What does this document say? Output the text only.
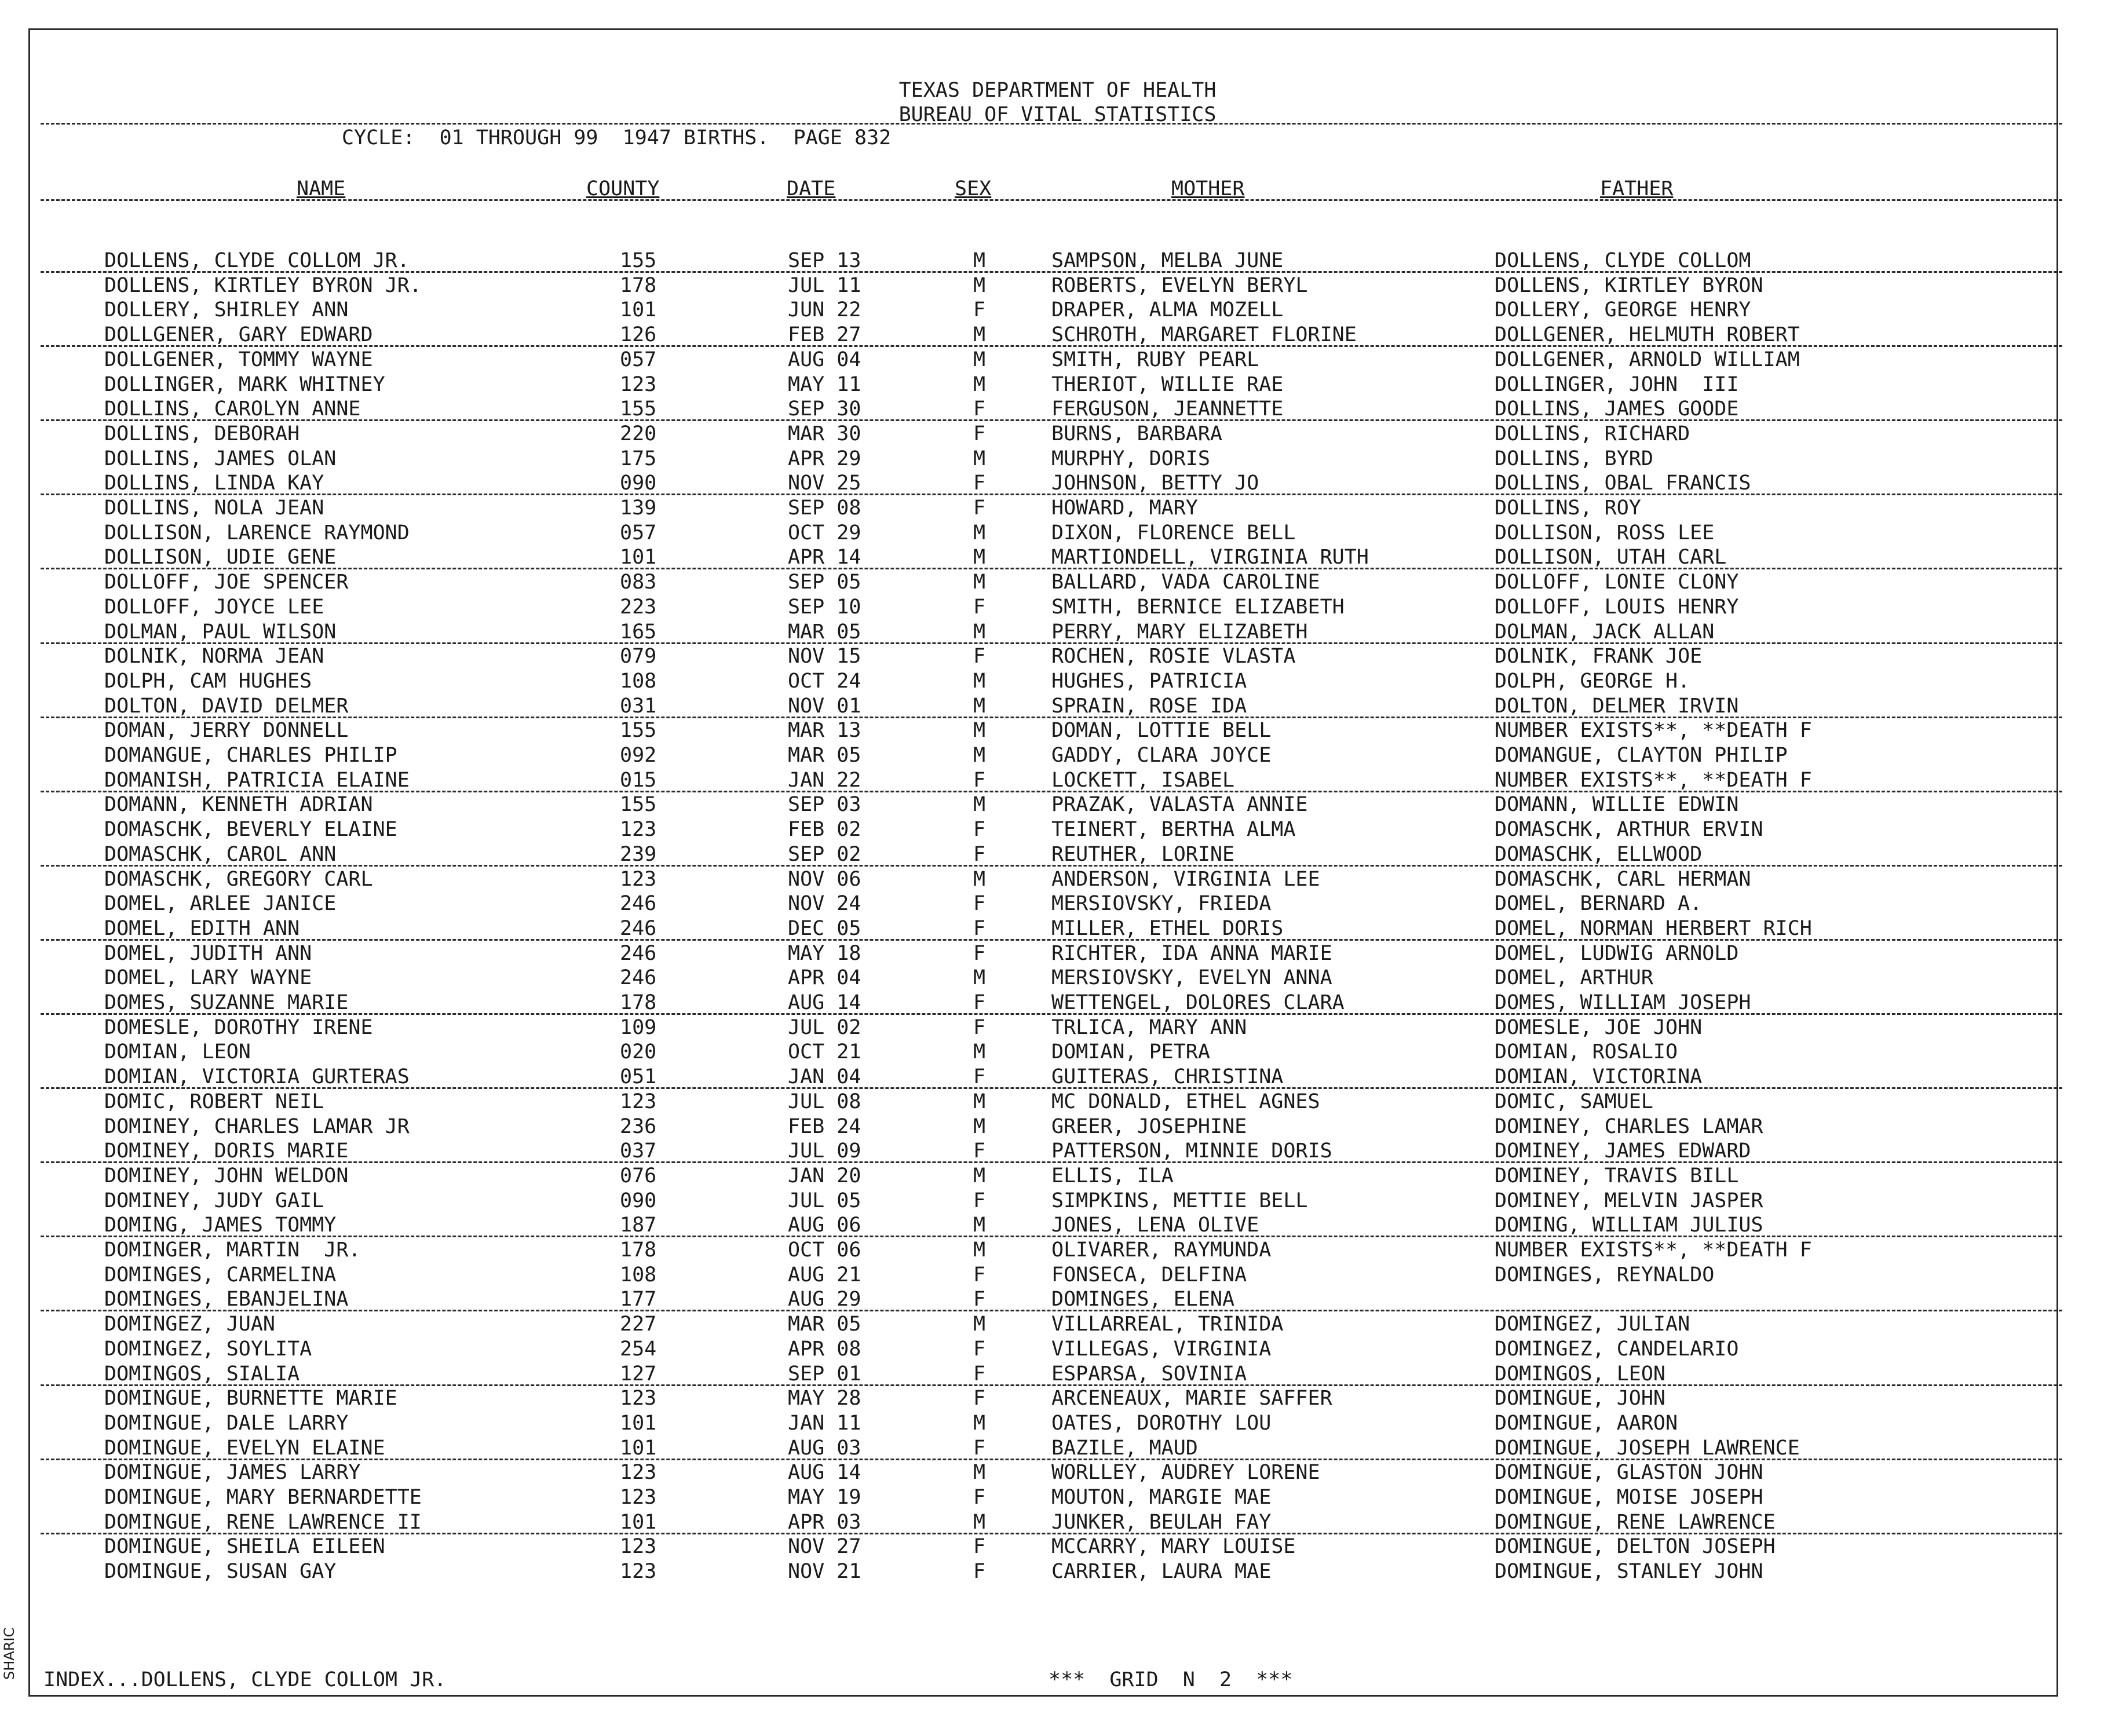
TEXAS DEPARTMENT OF HEALTH
BUREAU OF VITAL STATISTICS
CYCLE:  01 THROUGH 99  1947 BIRTHS.  PAGE 832
NAME	COUNTY	DATE	SEX	MOTHER	FATHER
DOLLENS, CLYDE COLLOM JR.	155	SEP 13	M	SAMPSON, MELBA JUNE	DOLLENS, CLYDE COLLOM
DOLLENS, KIRTLEY BYRON JR.	178	JUL 11	M	ROBERTS, EVELYN BERYL	DOLLENS, KIRTLEY BYRON
DOLLERY, SHIRLEY ANN	101	JUN 22	F	DRAPER, ALMA MOZELL	DOLLERY, GEORGE HENRY
DOLLGENER, GARY EDWARD	126	FEB 27	M	SCHROTH, MARGARET FLORINE	DOLLGENER, HELMUTH ROBERT
DOLLGENER, TOMMY WAYNE	057	AUG 04	M	SMITH, RUBY PEARL	DOLLGENER, ARNOLD WILLIAM
DOLLINGER, MARK WHITNEY	123	MAY 11	M	THERIOT, WILLIE RAE	DOLLINGER, JOHN  III
DOLLINS, CAROLYN ANNE	155	SEP 30	F	FERGUSON, JEANNETTE	DOLLINS, JAMES GOODE
DOLLINS, DEBORAH	220	MAR 30	F	BURNS, BARBARA	DOLLINS, RICHARD
DOLLINS, JAMES OLAN	175	APR 29	M	MURPHY, DORIS	DOLLINS, BYRD
DOLLINS, LINDA KAY	090	NOV 25	F	JOHNSON, BETTY JO	DOLLINS, OBAL FRANCIS
DOLLINS, NOLA JEAN	139	SEP 08	F	HOWARD, MARY	DOLLINS, ROY
DOLLISON, LARENCE RAYMOND	057	OCT 29	M	DIXON, FLORENCE BELL	DOLLISON, ROSS LEE
DOLLISON, UDIE GENE	101	APR 14	M	MARTIONDELL, VIRGINIA RUTH	DOLLISON, UTAH CARL
DOLLOFF, JOE SPENCER	083	SEP 05	M	BALLARD, VADA CAROLINE	DOLLOFF, LONIE CLONY
DOLLOFF, JOYCE LEE	223	SEP 10	F	SMITH, BERNICE ELIZABETH	DOLLOFF, LOUIS HENRY
DOLMAN, PAUL WILSON	165	MAR 05	M	PERRY, MARY ELIZABETH	DOLMAN, JACK ALLAN
DOLNIK, NORMA JEAN	079	NOV 15	F	ROCHEN, ROSIE VLASTA	DOLNIK, FRANK JOE
DOLPH, CAM HUGHES	108	OCT 24	M	HUGHES, PATRICIA	DOLPH, GEORGE H.
DOLTON, DAVID DELMER	031	NOV 01	M	SPRAIN, ROSE IDA	DOLTON, DELMER IRVIN
DOMAN, JERRY DONNELL	155	MAR 13	M	DOMAN, LOTTIE BELL	NUMBER EXISTS**, **DEATH F
DOMANGUE, CHARLES PHILIP	092	MAR 05	M	GADDY, CLARA JOYCE	DOMANGUE, CLAYTON PHILIP
DOMANISH, PATRICIA ELAINE	015	JAN 22	F	LOCKETT, ISABEL	NUMBER EXISTS**, **DEATH F
DOMANN, KENNETH ADRIAN	155	SEP 03	M	PRAZAK, VALASTA ANNIE	DOMANN, WILLIE EDWIN
DOMASCHK, BEVERLY ELAINE	123	FEB 02	F	TEINERT, BERTHA ALMA	DOMASCHK, ARTHUR ERVIN
DOMASCHK, CAROL ANN	239	SEP 02	F	REUTHER, LORINE	DOMASCHK, ELLWOOD
DOMASCHK, GREGORY CARL	123	NOV 06	M	ANDERSON, VIRGINIA LEE	DOMASCHK, CARL HERMAN
DOMEL, ARLEE JANICE	246	NOV 24	F	MERSIOVSKY, FRIEDA	DOMEL, BERNARD A.
DOMEL, EDITH ANN	246	DEC 05	F	MILLER, ETHEL DORIS	DOMEL, NORMAN HERBERT RICH
DOMEL, JUDITH ANN	246	MAY 18	F	RICHTER, IDA ANNA MARIE	DOMEL, LUDWIG ARNOLD
DOMEL, LARY WAYNE	246	APR 04	M	MERSIOVSKY, EVELYN ANNA	DOMEL, ARTHUR
DOMES, SUZANNE MARIE	178	AUG 14	F	WETTENGEL, DOLORES CLARA	DOMES, WILLIAM JOSEPH
DOMESLE, DOROTHY IRENE	109	JUL 02	F	TRLICA, MARY ANN	DOMESLE, JOE JOHN
DOMIAN, LEON	020	OCT 21	M	DOMIAN, PETRA	DOMIAN, ROSALIO
DOMIAN, VICTORIA GURTERAS	051	JAN 04	F	GUITERAS, CHRISTINA	DOMIAN, VICTORINA
DOMIC, ROBERT NEIL	123	JUL 08	M	MC DONALD, ETHEL AGNES	DOMIC, SAMUEL
DOMINEY, CHARLES LAMAR JR	236	FEB 24	M	GREER, JOSEPHINE	DOMINEY, CHARLES LAMAR
DOMINEY, DORIS MARIE	037	JUL 09	F	PATTERSON, MINNIE DORIS	DOMINEY, JAMES EDWARD
DOMINEY, JOHN WELDON	076	JAN 20	M	ELLIS, ILA	DOMINEY, TRAVIS BILL
DOMINEY, JUDY GAIL	090	JUL 05	F	SIMPKINS, METTIE BELL	DOMINEY, MELVIN JASPER
DOMING, JAMES TOMMY	187	AUG 06	M	JONES, LENA OLIVE	DOMING, WILLIAM JULIUS
DOMINGER, MARTIN  JR.	178	OCT 06	M	OLIVARER, RAYMUNDA	NUMBER EXISTS**, **DEATH F
DOMINGES, CARMELINA	108	AUG 21	F	FONSECA, DELFINA	DOMINGES, REYNALDO
DOMINGES, EBANJELINA	177	AUG 29	F	DOMINGES, ELENA
DOMINGEZ, JUAN	227	MAR 05	M	VILLARREAL, TRINIDA	DOMINGEZ, JULIAN
DOMINGEZ, SOYLITA	254	APR 08	F	VILLEGAS, VIRGINIA	DOMINGEZ, CANDELARIO
DOMINGOS, SIALIA	127	SEP 01	F	ESPARSA, SOVINIA	DOMINGOS, LEON
DOMINGUE, BURNETTE MARIE	123	MAY 28	F	ARCENEAUX, MARIE SAFFER	DOMINGUE, JOHN
DOMINGUE, DALE LARRY	101	JAN 11	M	OATES, DOROTHY LOU	DOMINGUE, AARON
DOMINGUE, EVELYN ELAINE	101	AUG 03	F	BAZILE, MAUD	DOMINGUE, JOSEPH LAWRENCE
DOMINGUE, JAMES LARRY	123	AUG 14	M	WORLLEY, AUDREY LORENE	DOMINGUE, GLASTON JOHN
DOMINGUE, MARY BERNARDETTE	123	MAY 19	F	MOUTON, MARGIE MAE	DOMINGUE, MOISE JOSEPH
DOMINGUE, RENE LAWRENCE II	101	APR 03	M	JUNKER, BEULAH FAY	DOMINGUE, RENE LAWRENCE
DOMINGUE, SHEILA EILEEN	123	NOV 27	F	MCCARRY, MARY LOUISE	DOMINGUE, DELTON JOSEPH
DOMINGUE, SUSAN GAY	123	NOV 21	F	CARRIER, LAURA MAE	DOMINGUE, STANLEY JOHN
INDEX...DOLLENS, CLYDE COLLOM JR.	***  GRID  N  2  ***
SHARIC
